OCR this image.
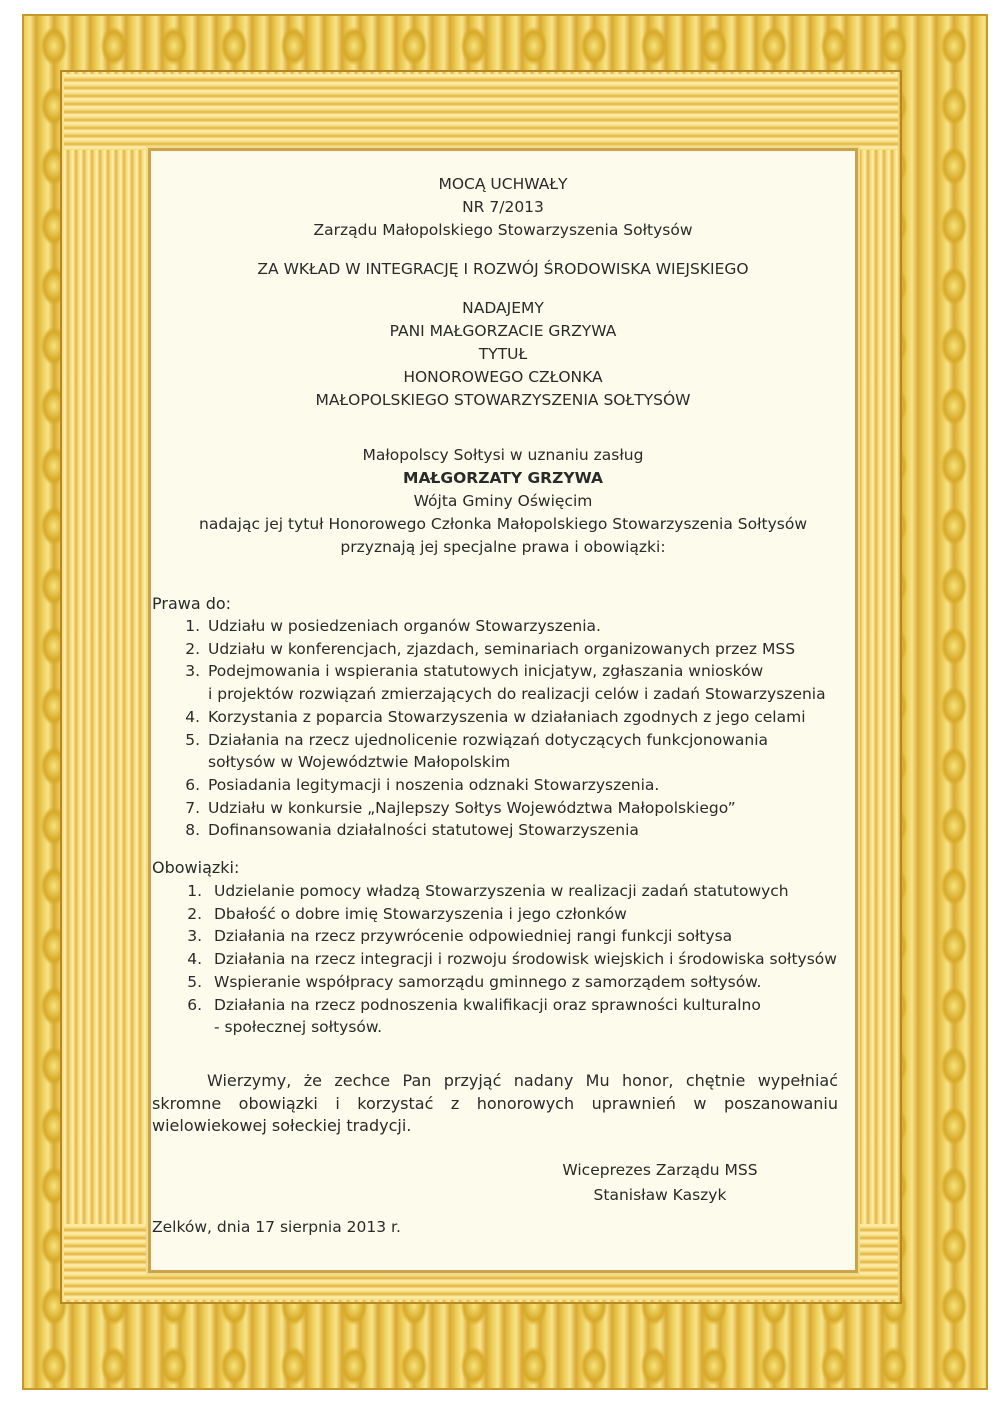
MOCĄ UCHWAŁY
NR 7/2013
Zarządu Małopolskiego Stowarzyszenia Sołtysów
ZA WKŁAD W INTEGRACJĘ I ROZWÓJ ŚRODOWISKA WIEJSKIEGO
NADAJEMY
PANI MAŁGORZACIE GRZYWA
TYTUŁ
HONOROWEGO CZŁONKA
MAŁOPOLSKIEGO STOWARZYSZENIA SOŁTYSÓW
Małopolscy Sołtysi w uznaniu zasług
MAŁGORZATY GRZYWA
Wójta Gminy Oświęcim
nadając jej tytuł Honorowego Członka Małopolskiego Stowarzyszenia Sołtysów
przyznają jej specjalne prawa i obowiązki:
Prawa do:
1. Udziału w posiedzeniach organów Stowarzyszenia.
2. Udziału w konferencjach, zjazdach, seminariach organizowanych przez MSS
3. Podejmowania i wspierania statutowych inicjatyw, zgłaszania wniosków
i projektów rozwiązań zmierzających do realizacji celów i zadań Stowarzyszenia
4. Korzystania z poparcia Stowarzyszenia w działaniach zgodnych z jego celami
5. Działania na rzecz ujednolicenie rozwiązań dotyczących funkcjonowania
sołtysów w Województwie Małopolskim
6. Posiadania legitymacji i noszenia odznaki Stowarzyszenia.
7. Udziału w konkursie „Najlepszy Sołtys Województwa Małopolskiego”
8. Dofinansowania działalności statutowej Stowarzyszenia
Obowiązki:
1. Udzielanie pomocy władzą Stowarzyszenia w realizacji zadań statutowych
2. Dbałość o dobre imię Stowarzyszenia i jego członków
3. Działania na rzecz przywrócenie odpowiedniej rangi funkcji sołtysa
4. Działania na rzecz integracji i rozwoju środowisk wiejskich i środowiska sołtysów
5. Wspieranie współpracy samorządu gminnego z samorządem sołtysów.
6. Działania na rzecz podnoszenia kwalifikacji oraz sprawności kulturalno
- społecznej sołtysów.
Wierzymy, że zechce Pan przyjąć nadany Mu honor, chętnie wypełniać skromne obowiązki i korzystać z honorowych uprawnień w poszanowaniu wielowiekowej sołeckiej tradycji.
Wiceprezes Zarządu MSS
Stanisław Kaszyk
Zelków, dnia 17 sierpnia 2013 r.
